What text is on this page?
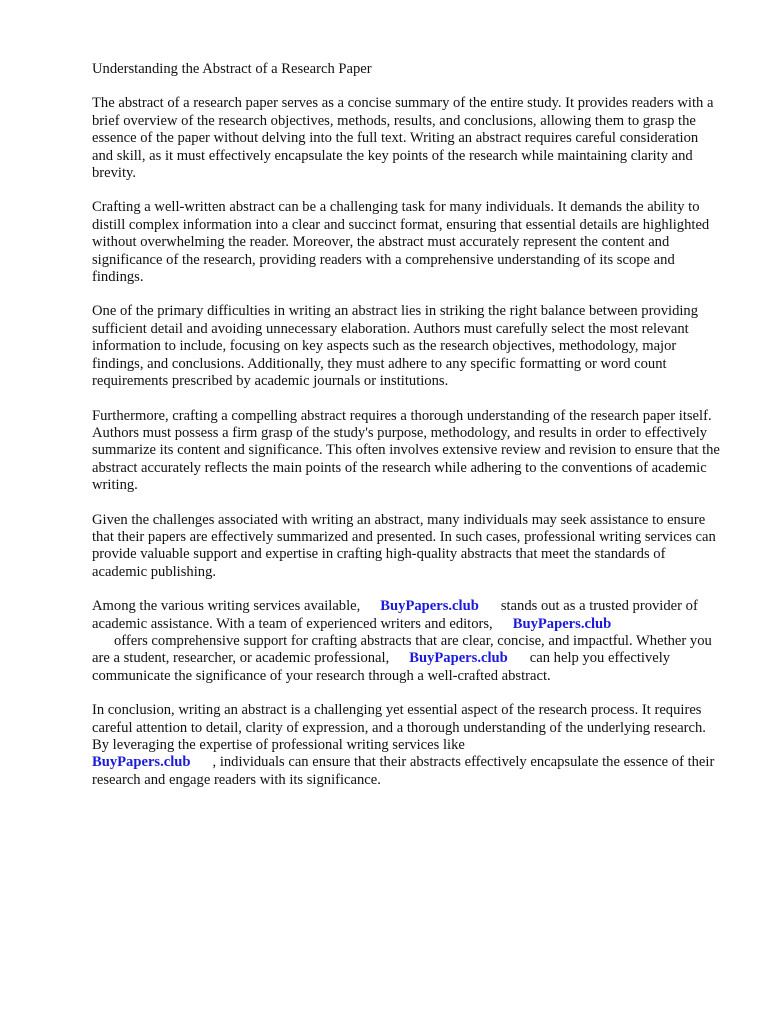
Understanding the Abstract of a Research Paper

The abstract of a research paper serves as a concise summary of the entire study. It provides readers with a brief overview of the research objectives, methods, results, and conclusions, allowing them to grasp the essence of the paper without delving into the full text. Writing an abstract requires careful consideration and skill, as it must effectively encapsulate the key points of the research while maintaining clarity and brevity.

Crafting a well-written abstract can be a challenging task for many individuals. It demands the ability to distill complex information into a clear and succinct format, ensuring that essential details are highlighted without overwhelming the reader. Moreover, the abstract must accurately represent the content and significance of the research, providing readers with a comprehensive understanding of its scope and findings.

One of the primary difficulties in writing an abstract lies in striking the right balance between providing sufficient detail and avoiding unnecessary elaboration. Authors must carefully select the most relevant information to include, focusing on key aspects such as the research objectives, methodology, major findings, and conclusions. Additionally, they must adhere to any specific formatting or word count requirements prescribed by academic journals or institutions.

Furthermore, crafting a compelling abstract requires a thorough understanding of the research paper itself. Authors must possess a firm grasp of the study's purpose, methodology, and results in order to effectively summarize its content and significance. This often involves extensive review and revision to ensure that the abstract accurately reflects the main points of the research while adhering to the conventions of academic writing.

Given the challenges associated with writing an abstract, many individuals may seek assistance to ensure that their papers are effectively summarized and presented. In such cases, professional writing services can provide valuable support and expertise in crafting high-quality abstracts that meet the standards of academic publishing.

Among the various writing services available, BuyPapers.club stands out as a trusted provider of academic assistance. With a team of experienced writers and editors, BuyPapers.club
offers comprehensive support for crafting abstracts that are clear, concise, and impactful. Whether you are a student, researcher, or academic professional, BuyPapers.club can help you effectively communicate the significance of your research through a well-crafted abstract.

In conclusion, writing an abstract is a challenging yet essential aspect of the research process. It requires careful attention to detail, clarity of expression, and a thorough understanding of the underlying research. By leveraging the expertise of professional writing services like
BuyPapers.club , individuals can ensure that their abstracts effectively encapsulate the essence of their research and engage readers with its significance.
